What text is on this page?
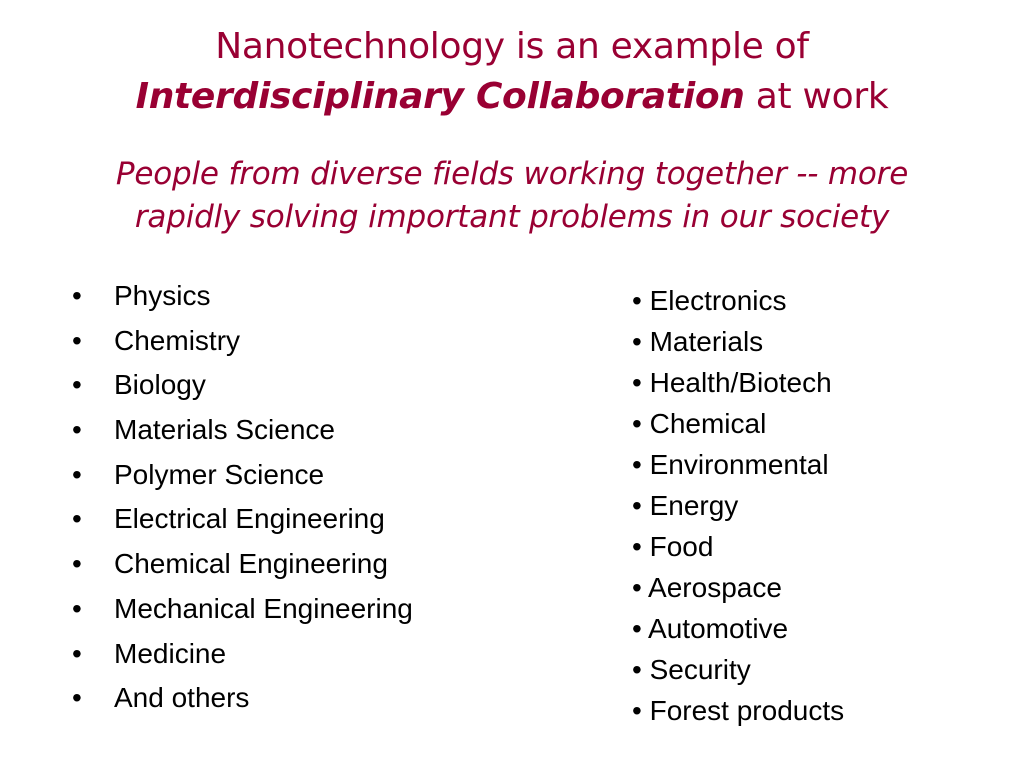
Nanotechnology is an example of
Interdisciplinary Collaboration at work
People from diverse fields working together -- more
rapidly solving important problems in our society
•	Physics
•	Chemistry
•	Biology
•	Materials Science
•	Polymer Science
•	Electrical Engineering
•	Chemical Engineering
•	Mechanical Engineering
•	Medicine
•	And others
• Electronics
• Materials
• Health/Biotech
• Chemical
• Environmental
• Energy
• Food
• Aerospace
• Automotive
• Security
• Forest products
